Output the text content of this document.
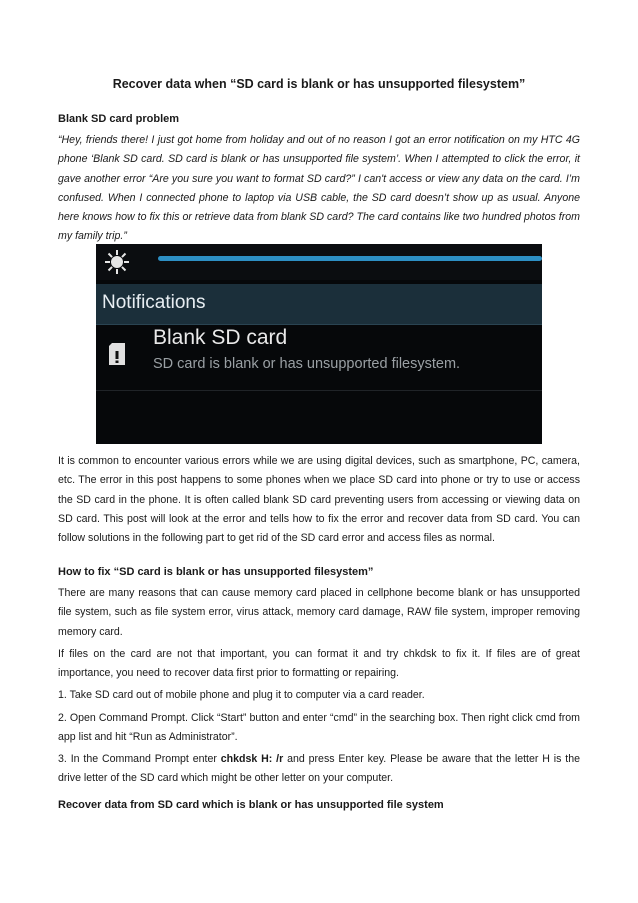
Recover data when “SD card is blank or has unsupported filesystem”

Blank SD card problem

“Hey, friends there! I just got home from holiday and out of no reason I got an error notification on my HTC 4G phone ‘Blank SD card. SD card is blank or has unsupported file system’. When I attempted to click the error, it gave another error “Are you sure you want to format SD card?” I can't access or view any data on the card. I’m confused. When I connected phone to laptop via USB cable, the SD card doesn’t show up as usual. Anyone here knows how to fix this or retrieve data from blank SD card? The card contains like two hundred photos from my family trip.”

Notifications
Blank SD card
SD card is blank or has unsupported filesystem.

It is common to encounter various errors while we are using digital devices, such as smartphone, PC, camera, etc. The error in this post happens to some phones when we place SD card into phone or try to use or access the SD card in the phone. It is often called blank SD card preventing users from accessing or viewing data on SD card. This post will look at the error and tells how to fix the error and recover data from SD card. You can follow solutions in the following part to get rid of the SD card error and access files as normal.

How to fix “SD card is blank or has unsupported filesystem”

There are many reasons that can cause memory card placed in cellphone become blank or has unsupported file system, such as file system error, virus attack, memory card damage, RAW file system, improper removing memory card.

If files on the card are not that important, you can format it and try chkdsk to fix it. If files are of great importance, you need to recover data first prior to formatting or repairing.

1. Take SD card out of mobile phone and plug it to computer via a card reader.

2. Open Command Prompt. Click “Start” button and enter “cmd” in the searching box. Then right click cmd from app list and hit “Run as Administrator”.

3. In the Command Prompt enter chkdsk H: /r and press Enter key. Please be aware that the letter H is the drive letter of the SD card which might be other letter on your computer.

Recover data from SD card which is blank or has unsupported file system
